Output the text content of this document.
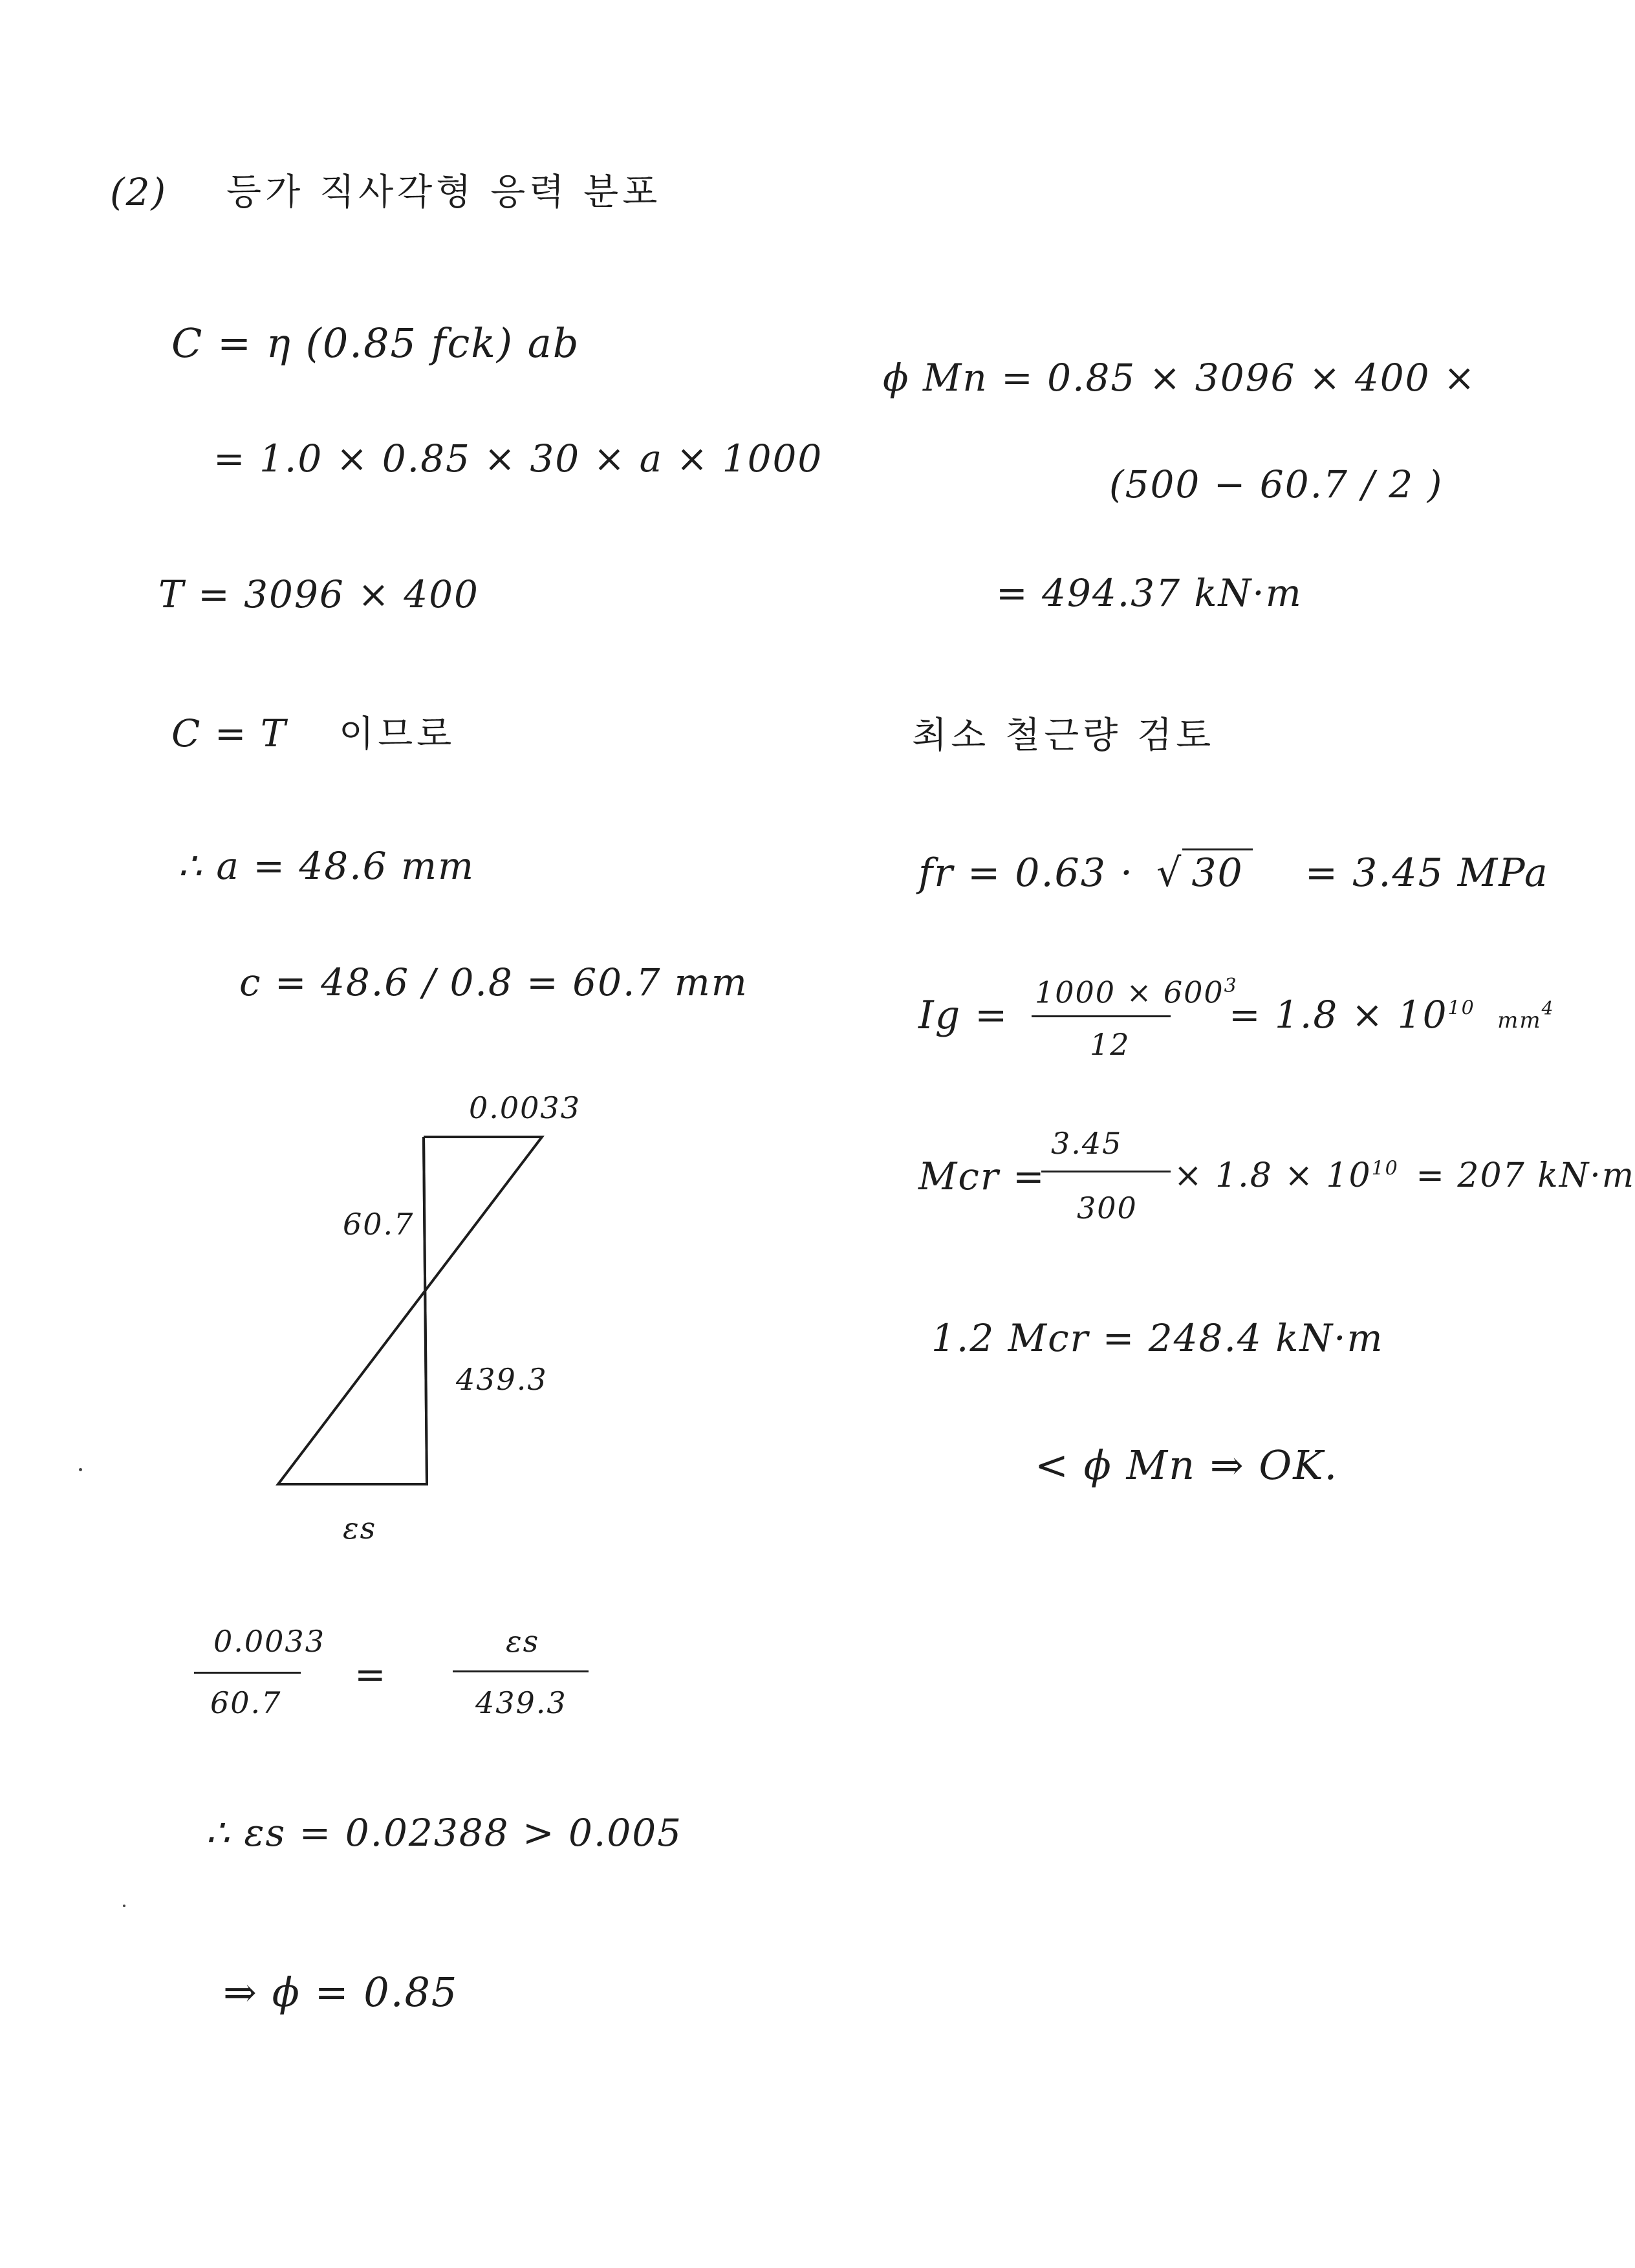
(2) 등가 직사각형 응력 분포
C = η (0.85 fck) ab
= 1.0 × 0.85 × 30 × a × 1000
T = 3096 × 400
C = T 이므로
∴ a = 48.6 mm
c = 48.6 / 0.8 = 60.7 mm
0.0033
60.7
439.3
εs
0.0033
60.7
=
εs
439.3
∴ εs = 0.02388 > 0.005
⇒ ϕ = 0.85
ϕ Mn = 0.85 × 3096 × 400 ×
(500 − 60.7 / 2 )
= 494.37 kN·m
최소 철근량 검토
fr = 0.63 · √ 30 = 3.45 MPa
Ig =
$1000 \times 600^3$
12
= $1.8 \times 10^{10}$ $mm^4$
Mcr =
3.45
300
× $1.8 \times 10^{10} = 207$ kN·m
1.2 Mcr = 248.4 kN·m
< ϕ Mn ⇒ OK.
